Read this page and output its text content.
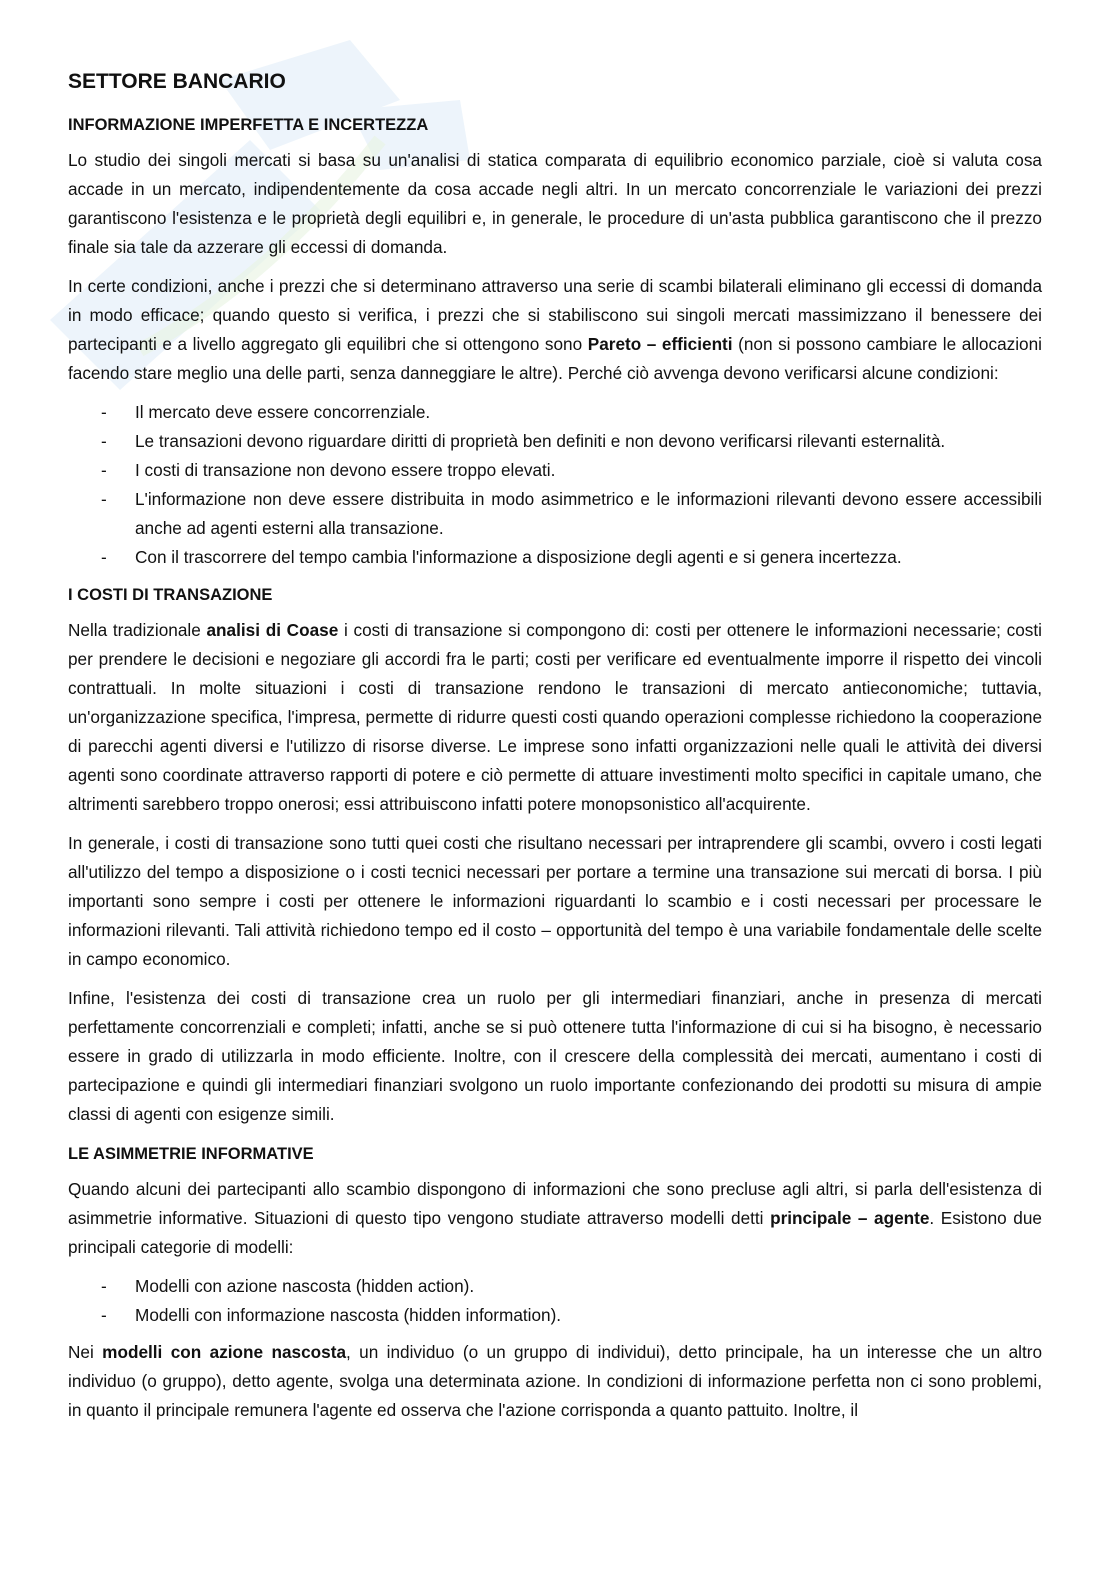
SETTORE BANCARIO
INFORMAZIONE IMPERFETTA E INCERTEZZA

Lo studio dei singoli mercati si basa su un'analisi di statica comparata di equilibrio economico parziale, cioè si valuta cosa accade in un mercato, indipendentemente da cosa accade negli altri. In un mercato concorrenziale le variazioni dei prezzi garantiscono l'esistenza e le proprietà degli equilibri e, in generale, le procedure di un'asta pubblica garantiscono che il prezzo finale sia tale da azzerare gli eccessi di domanda.

In certe condizioni, anche i prezzi che si determinano attraverso una serie di scambi bilaterali eliminano gli eccessi di domanda in modo efficace; quando questo si verifica, i prezzi che si stabiliscono sui singoli mercati massimizzano il benessere dei partecipanti e a livello aggregato gli equilibri che si ottengono sono Pareto – efficienti (non si possono cambiare le allocazioni facendo stare meglio una delle parti, senza danneggiare le altre). Perché ciò avvenga devono verificarsi alcune condizioni:

- Il mercato deve essere concorrenziale.
- Le transazioni devono riguardare diritti di proprietà ben definiti e non devono verificarsi rilevanti esternalità.
- I costi di transazione non devono essere troppo elevati.
- L'informazione non deve essere distribuita in modo asimmetrico e le informazioni rilevanti devono essere accessibili anche ad agenti esterni alla transazione.
- Con il trascorrere del tempo cambia l'informazione a disposizione degli agenti e si genera incertezza.
I COSTI DI TRANSAZIONE

Nella tradizionale analisi di Coase i costi di transazione si compongono di: costi per ottenere le informazioni necessarie; costi per prendere le decisioni e negoziare gli accordi fra le parti; costi per verificare ed eventualmente imporre il rispetto dei vincoli contrattuali. In molte situazioni i costi di transazione rendono le transazioni di mercato antieconomiche; tuttavia, un'organizzazione specifica, l'impresa, permette di ridurre questi costi quando operazioni complesse richiedono la cooperazione di parecchi agenti diversi e l'utilizzo di risorse diverse. Le imprese sono infatti organizzazioni nelle quali le attività dei diversi agenti sono coordinate attraverso rapporti di potere e ciò permette di attuare investimenti molto specifici in capitale umano, che altrimenti sarebbero troppo onerosi; essi attribuiscono infatti potere monopsonistico all'acquirente.

In generale, i costi di transazione sono tutti quei costi che risultano necessari per intraprendere gli scambi, ovvero i costi legati all'utilizzo del tempo a disposizione o i costi tecnici necessari per portare a termine una transazione sui mercati di borsa. I più importanti sono sempre i costi per ottenere le informazioni riguardanti lo scambio e i costi necessari per processare le informazioni rilevanti. Tali attività richiedono tempo ed il costo – opportunità del tempo è una variabile fondamentale delle scelte in campo economico.

Infine, l'esistenza dei costi di transazione crea un ruolo per gli intermediari finanziari, anche in presenza di mercati perfettamente concorrenziali e completi; infatti, anche se si può ottenere tutta l'informazione di cui si ha bisogno, è necessario essere in grado di utilizzarla in modo efficiente. Inoltre, con il crescere della complessità dei mercati, aumentano i costi di partecipazione e quindi gli intermediari finanziari svolgono un ruolo importante confezionando dei prodotti su misura di ampie classi di agenti con esigenze simili.

LE ASIMMETRIE INFORMATIVE

Quando alcuni dei partecipanti allo scambio dispongono di informazioni che sono precluse agli altri, si parla dell'esistenza di asimmetrie informative. Situazioni di questo tipo vengono studiate attraverso modelli detti principale – agente. Esistono due principali categorie di modelli:

- Modelli con azione nascosta (hidden action).
- Modelli con informazione nascosta (hidden information).

Nei modelli con azione nascosta, un individuo (o un gruppo di individui), detto principale, ha un interesse che un altro individuo (o gruppo), detto agente, svolga una determinata azione. In condizioni di informazione perfetta non ci sono problemi, in quanto il principale remunera l'agente ed osserva che l'azione corrisponda a quanto pattuito. Inoltre, il
